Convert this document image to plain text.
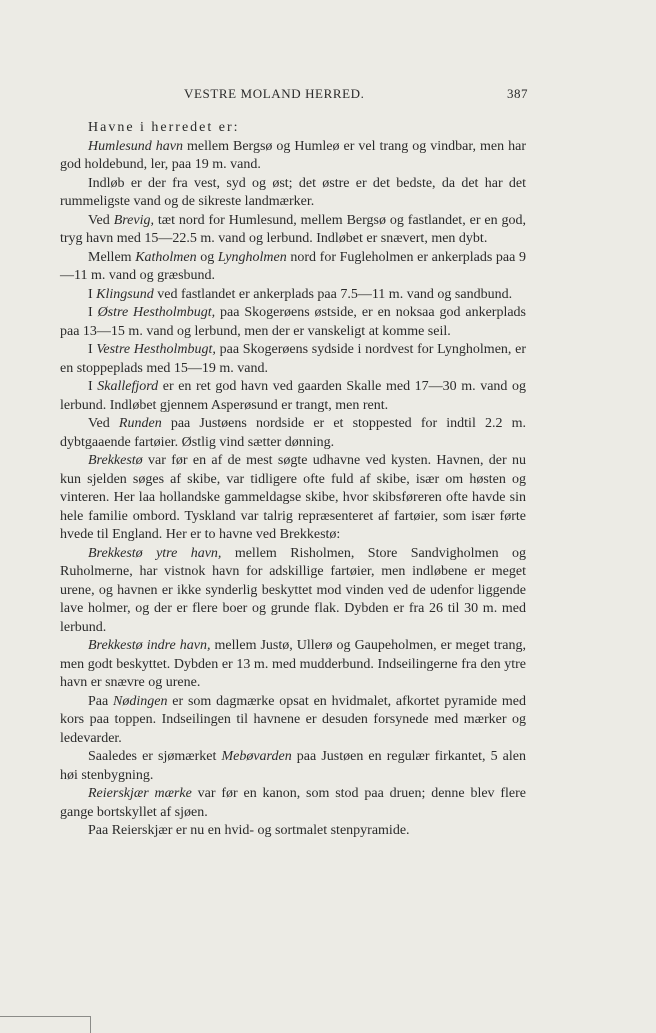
VESTRE MOLAND HERRED.	387

Havne i herredet er:

Humlesund havn mellem Bergsø og Humleø er vel trang og vindbar, men har god holdebund, ler, paa 19 m. vand.

Indløb er der fra vest, syd og øst; det østre er det bedste, da det har det rummeligste vand og de sikreste landmærker.

Ved Brevig, tæt nord for Humlesund, mellem Bergsø og fastlandet, er en god, tryg havn med 15—22.5 m. vand og lerbund. Indløbet er snævert, men dybt.

Mellem Katholmen og Lyngholmen nord for Fugleholmen er ankerplads paa 9—11 m. vand og græsbund.

I Klingsund ved fastlandet er ankerplads paa 7.5—11 m. vand og sandbund.

I Østre Hestholmbugt, paa Skogerøens østside, er en noksaa god ankerplads paa 13—15 m. vand og lerbund, men der er vanskeligt at komme seil.

I Vestre Hestholmbugt, paa Skogerøens sydside i nordvest for Lyngholmen, er en stoppeplads med 15—19 m. vand.

I Skallefjord er en ret god havn ved gaarden Skalle med 17—30 m. vand og lerbund. Indløbet gjennem Asperøsund er trangt, men rent.

Ved Runden paa Justøens nordside er et stoppested for indtil 2.2 m. dybtgaaende fartøier. Østlig vind sætter dønning.

Brekkestø var før en af de mest søgte udhavne ved kysten. Havnen, der nu kun sjelden søges af skibe, var tidligere ofte fuld af skibe, især om høsten og vinteren. Her laa hollandske gammeldagse skibe, hvor skibsføreren ofte havde sin hele familie ombord. Tyskland var talrig repræsenteret af fartøier, som især førte hvede til England. Her er to havne ved Brekkestø:

Brekkestø ytre havn, mellem Risholmen, Store Sandvigholmen og Ruholmerne, har vistnok havn for adskillige fartøier, men indløbene er meget urene, og havnen er ikke synderlig beskyttet mod vinden ved de udenfor liggende lave holmer, og der er flere boer og grunde flak. Dybden er fra 26 til 30 m. med lerbund.

Brekkestø indre havn, mellem Justø, Ullerø og Gaupeholmen, er meget trang, men godt beskyttet. Dybden er 13 m. med mudderbund. Indseilingerne fra den ytre havn er snævre og urene.

Paa Nødingen er som dagmærke opsat en hvidmalet, afkortet pyramide med kors paa toppen. Indseilingen til havnene er desuden forsynede med mærker og ledevarder.

Saaledes er sjømærket Mebøvarden paa Justøen en regulær firkantet, 5 alen høi stenbygning.

Reierskjær mærke var før en kanon, som stod paa druen; denne blev flere gange bortskyllet af sjøen.

Paa Reierskjær er nu en hvid- og sortmalet stenpyramide.
